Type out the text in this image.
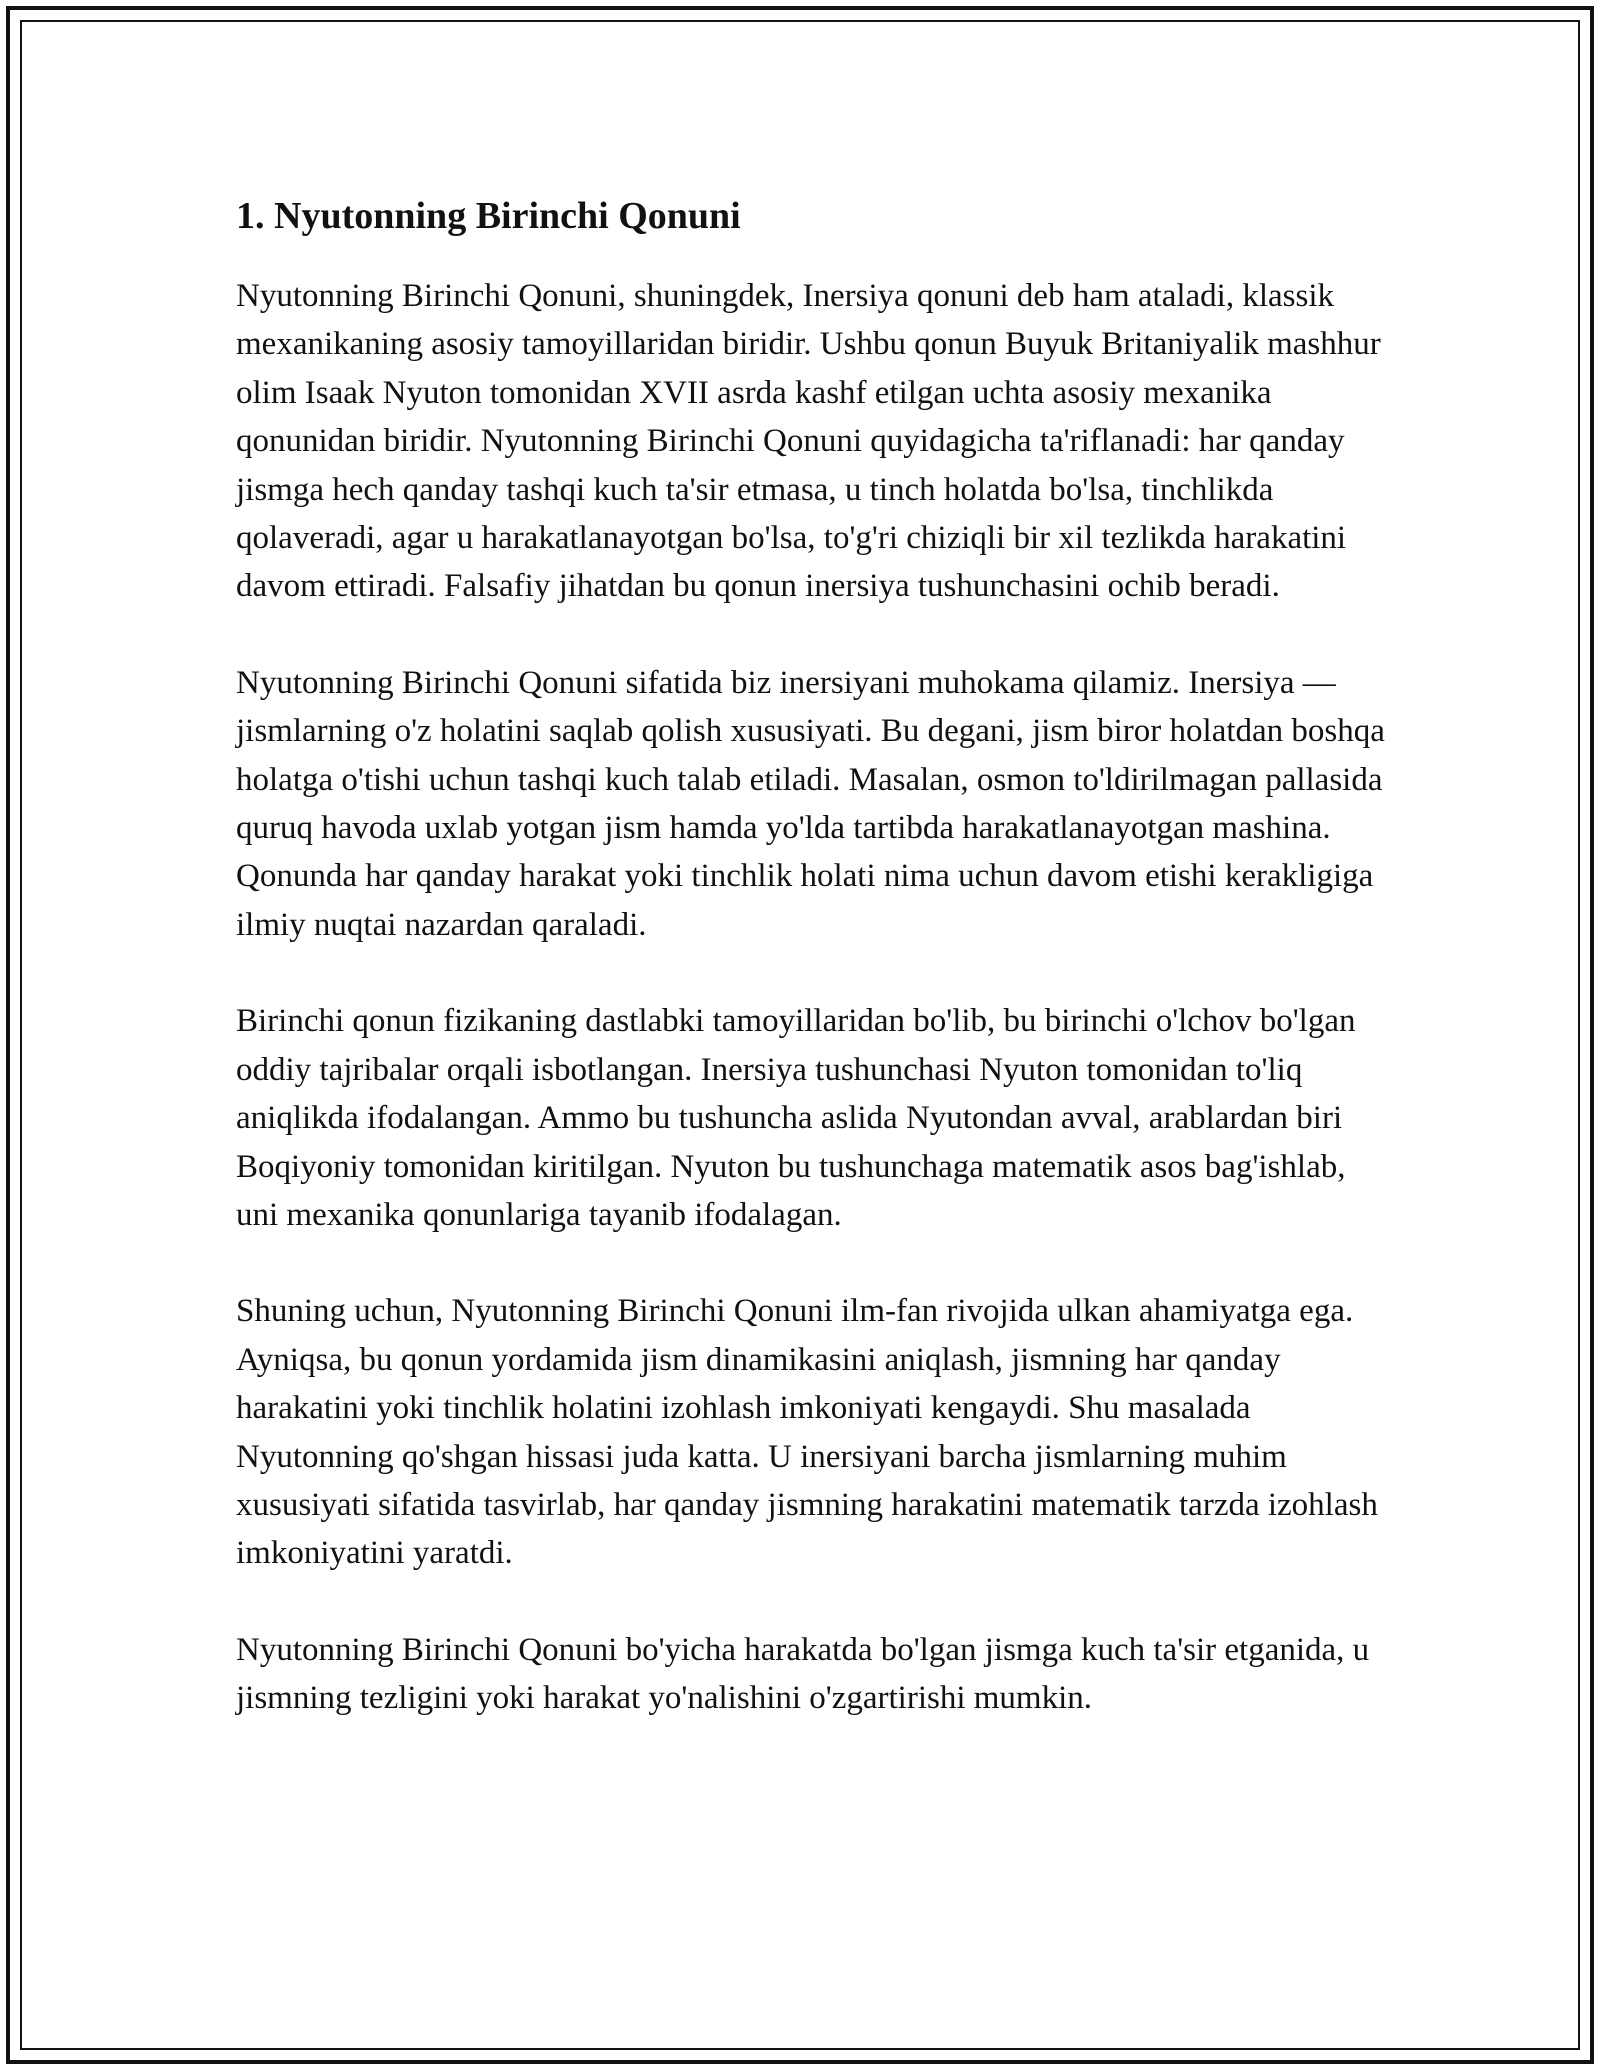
1. Nyutonning Birinchi Qonuni

Nyutonning Birinchi Qonuni, shuningdek, Inersiya qonuni deb ham ataladi, klassik mexanikaning asosiy tamoyillaridan biridir. Ushbu qonun Buyuk Britaniyalik mashhur olim Isaak Nyuton tomonidan XVII asrda kashf etilgan uchta asosiy mexanika qonunidan biridir. Nyutonning Birinchi Qonuni quyidagicha ta'riflanadi: har qanday jismga hech qanday tashqi kuch ta'sir etmasa, u tinch holatda bo'lsa, tinchlikda qolaveradi, agar u harakatlanayotgan bo'lsa, to'g'ri chiziqli bir xil tezlikda harakatini davom ettiradi. Falsafiy jihatdan bu qonun inersiya tushunchasini ochib beradi.

Nyutonning Birinchi Qonuni sifatida biz inersiyani muhokama qilamiz. Inersiya — jismlarning o'z holatini saqlab qolish xususiyati. Bu degani, jism biror holatdan boshqa holatga o'tishi uchun tashqi kuch talab etiladi. Masalan, osmon to'ldirilmagan pallasida quruq havoda uxlab yotgan jism hamda yo'lda tartibda harakatlanayotgan mashina. Qonunda har qanday harakat yoki tinchlik holati nima uchun davom etishi kerakligiga ilmiy nuqtai nazardan qaraladi.

Birinchi qonun fizikaning dastlabki tamoyillaridan bo'lib, bu birinchi o'lchov bo'lgan oddiy tajribalar orqali isbotlangan. Inersiya tushunchasi Nyuton tomonidan to'liq aniqlikda ifodalangan. Ammo bu tushuncha aslida Nyutondan avval, arablardan biri Boqiyoniy tomonidan kiritilgan. Nyuton bu tushunchaga matematik asos bag'ishlab, uni mexanika qonunlariga tayanib ifodalagan.

Shuning uchun, Nyutonning Birinchi Qonuni ilm-fan rivojida ulkan ahamiyatga ega. Ayniqsa, bu qonun yordamida jism dinamikasini aniqlash, jismning har qanday harakatini yoki tinchlik holatini izohlash imkoniyati kengaydi. Shu masalada Nyutonning qo'shgan hissasi juda katta. U inersiyani barcha jismlarning muhim xususiyati sifatida tasvirlab, har qanday jismning harakatini matematik tarzda izohlash imkoniyatini yaratdi.

Nyutonning Birinchi Qonuni bo'yicha harakatda bo'lgan jismga kuch ta'sir etganida, u jismning tezligini yoki harakat yo'nalishini o'zgartirishi mumkin.
